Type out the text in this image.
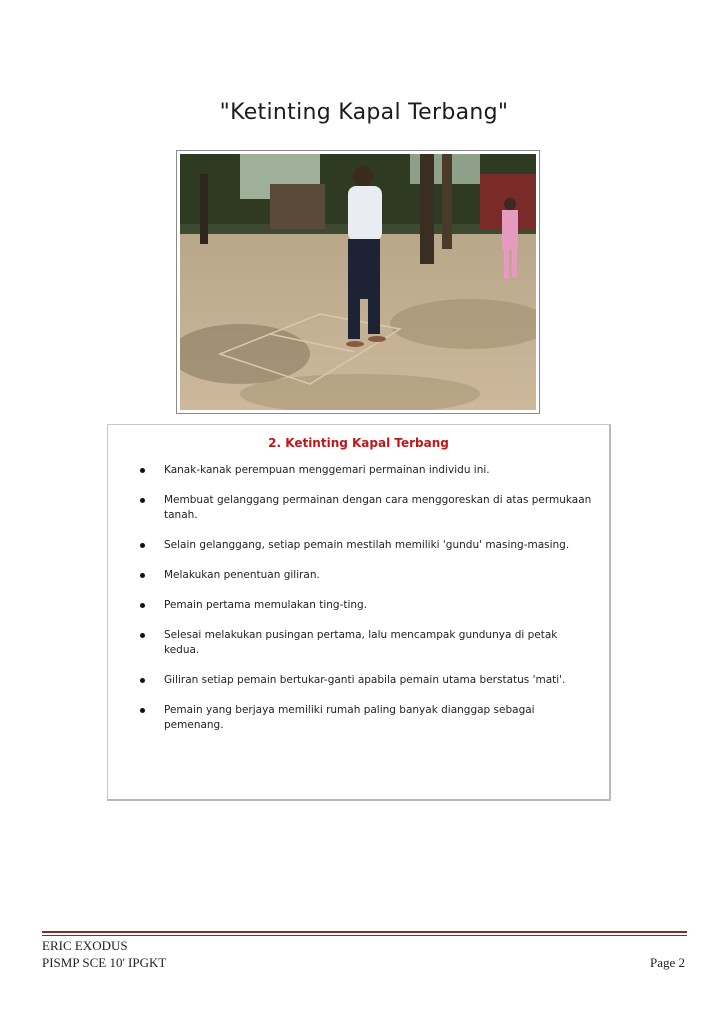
"Ketinting Kapal Terbang"
2. Ketinting Kapal Terbang
Kanak-kanak perempuan menggemari permainan individu ini.
Membuat gelanggang permainan dengan cara menggoreskan di atas permukaan tanah.
Selain gelanggang, setiap pemain mestilah memiliki 'gundu' masing-masing.
Melakukan penentuan giliran.
Pemain pertama memulakan ting-ting.
Selesai melakukan pusingan pertama, lalu mencampak gundunya di petak kedua.
Giliran setiap pemain bertukar-ganti apabila pemain utama berstatus 'mati'.
Pemain yang berjaya memiliki rumah paling banyak dianggap sebagai pemenang.
ERIC EXODUS
PISMP SCE 10' IPGKT	Page 2
